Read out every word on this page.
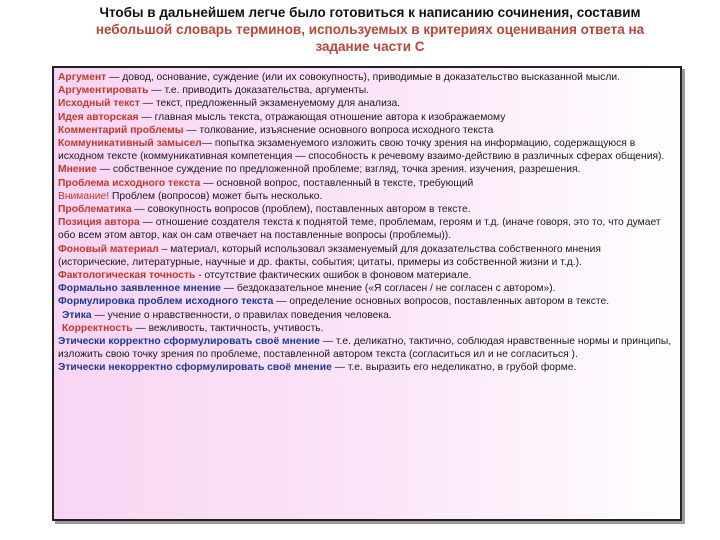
Чтобы в дальнейшем легче было готовиться к написанию сочинения, составим
небольшой словарь терминов, используемых в критериях оценивания ответа на
задание части С

Аргумент — довод, основание, суждение (или их совокупность), приводимые в доказательство высказанной мысли.

Аргументировать — т.е. приводить доказательства, аргументы.

Исходный текст — текст, предложенный экзаменуемому для анализа.

Идея авторская — главная мысль текста, отражающая отношение автора к изображаемому

Комментарий проблемы — толкование, изъяснение основного вопроса исходного текста

Коммуникативный замысел— попытка экзаменуемого изложить свою точку зрения на информацию, содержащуюся в исходном тексте (коммуникативная компетенция — способность к речевому взаимо-действию в различных сферах общения).

Мнение — собственное суждение по предложенной проблеме; взгляд, точка зрения. изучения, разрешения.

Проблема исходного текста — основной вопрос, поставленный в тексте, требующий

Внимание! Проблем (вопросов) может быть несколько.

Проблематика — совокупность вопросов (проблем), поставленных автором в тексте.

Позиция автора — отношение создателя текста к поднятой теме, проблемам, героям и т.д. (иначе говоря, это то, что думает обо всем этом автор, как он сам отвечает на поставленные вопросы (проблемы)).

Фоновый материал – материал, который использовал экзаменуемый для доказательства собственного мнения (исторические, литературные, научные и др. факты, события; цитаты, примеры из собственной жизни и т.д.).

Фактологическая точность - отсутствие фактических ошибок в фоновом материале.

Формально заявленное мнение — бездоказательное мнение («Я согласен / не согласен с автором»).

Формулировка проблем исходного текста — определение основных вопросов, поставленных автором в тексте.

Этика — учение о нравственности, о правилах поведения человека.

Корректность — вежливость, тактичность, учтивость.

Этически корректно сформулировать своё мнение — т.е. деликатно, тактично, соблюдая нравственные нормы и принципы, изложить свою точку зрения по проблеме, поставленной автором текста (согласиться ил и не согласиться ).

Этически некорректно сформулировать своё мнение — т.е. выразить его неделикатно, в грубой форме.
